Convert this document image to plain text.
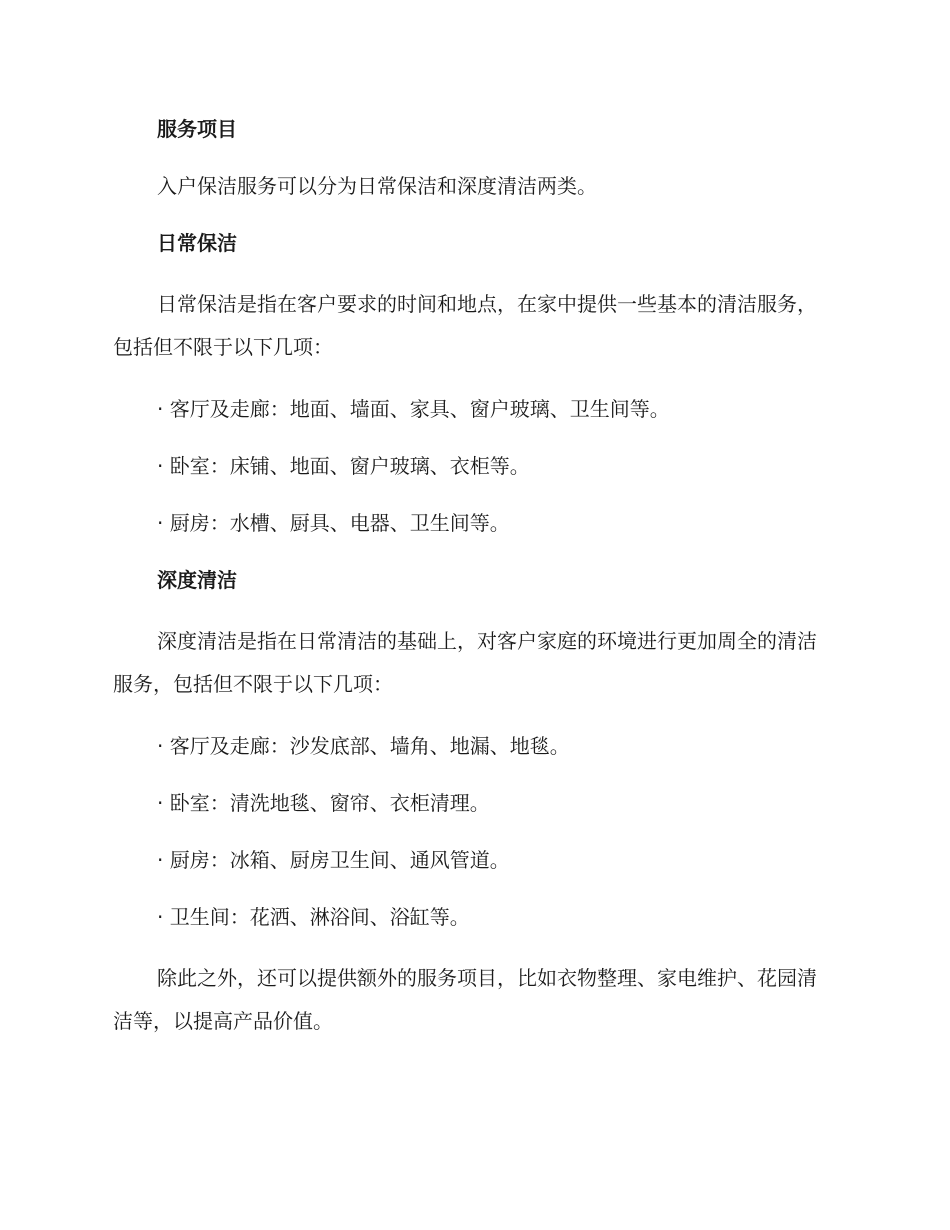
服务项目
入户保洁服务可以分为日常保洁和深度清洁两类。
日常保洁
日常保洁是指在客户要求的时间和地点，在家中提供一些基本的清洁服务，包括但不限于以下几项：
· 客厅及走廊：地面、墙面、家具、窗户玻璃、卫生间等。
· 卧室：床铺、地面、窗户玻璃、衣柜等。
· 厨房：水槽、厨具、电器、卫生间等。
深度清洁
深度清洁是指在日常清洁的基础上，对客户家庭的环境进行更加周全的清洁服务，包括但不限于以下几项：
· 客厅及走廊：沙发底部、墙角、地漏、地毯。
· 卧室：清洗地毯、窗帘、衣柜清理。
· 厨房：冰箱、厨房卫生间、通风管道。
· 卫生间：花洒、淋浴间、浴缸等。
除此之外，还可以提供额外的服务项目，比如衣物整理、家电维护、花园清洁等，以提高产品价值。
